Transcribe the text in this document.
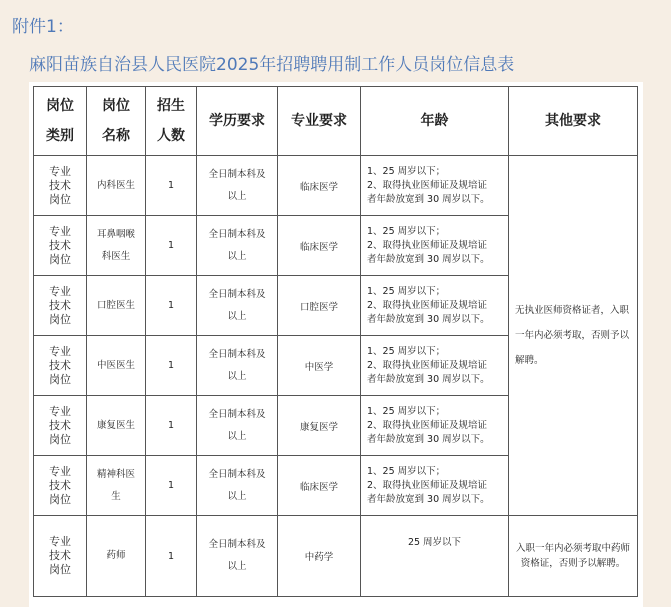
附件1：
麻阳苗族自治县人民医院2025年招聘聘用制工作人员岗位信息表
岗位
类别	岗位
名称	招生
人数	学历要求	专业要求	年龄	其他要求

专业
技术
岗位	内科医生	1	全日制本科及
以上	临床医学	1、25 周岁以下；
2、取得执业医师证及规培证
者年龄放宽到 30 周岁以下。	无执业医师资格证者，入职一年内必须考取，否则予以解聘。

专业
技术
岗位	耳鼻咽喉
科医生	1	全日制本科及
以上	临床医学	1、25 周岁以下；
2、取得执业医师证及规培证
者年龄放宽到 30 周岁以下。	

专业
技术
岗位	口腔医生	1	全日制本科及
以上	口腔医学	1、25 周岁以下；
2、取得执业医师证及规培证
者年龄放宽到 30 周岁以下。	

专业
技术
岗位	中医医生	1	全日制本科及
以上	中医学	1、25 周岁以下；
2、取得执业医师证及规培证
者年龄放宽到 30 周岁以下。	

专业
技术
岗位	康复医生	1	全日制本科及
以上	康复医学	1、25 周岁以下；
2、取得执业医师证及规培证
者年龄放宽到 30 周岁以下。	

专业
技术
岗位	精神科医
生	1	全日制本科及
以上	临床医学	1、25 周岁以下；
2、取得执业医师证及规培证
者年龄放宽到 30 周岁以下。	

专业
技术
岗位	药师	1	全日制本科及
以上	中药学	25 周岁以下	入职一年内必须考取中药师资格证，否则予以解聘。
